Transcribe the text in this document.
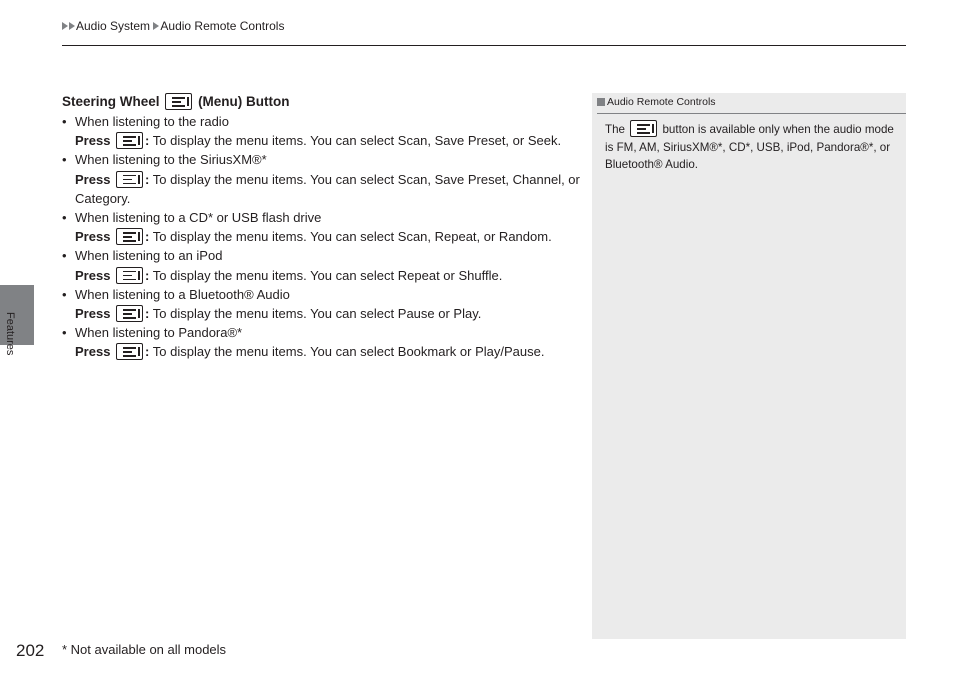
Audio System Audio Remote Controls
Features
Steering Wheel	(Menu) Button
• When listening to the radio
Press	: To display the menu items. You can select Scan, Save Preset, or Seek.
• When listening to the SiriusXM®*
Press	: To display the menu items. You can select Scan, Save Preset, Channel, or Category.
• When listening to a CD* or USB flash drive
Press	: To display the menu items. You can select Scan, Repeat, or Random.
• When listening to an iPod
Press	: To display the menu items. You can select Repeat or Shuffle.
• When listening to a Bluetooth® Audio
Press	: To display the menu items. You can select Pause or Play.
• When listening to Pandora®*
Press	: To display the menu items. You can select Bookmark or Play/Pause.
Audio Remote Controls
The	button is available only when the audio mode is FM, AM, SiriusXM®*, CD*, USB, iPod, Pandora®*, or Bluetooth® Audio.
202 * Not available on all models
